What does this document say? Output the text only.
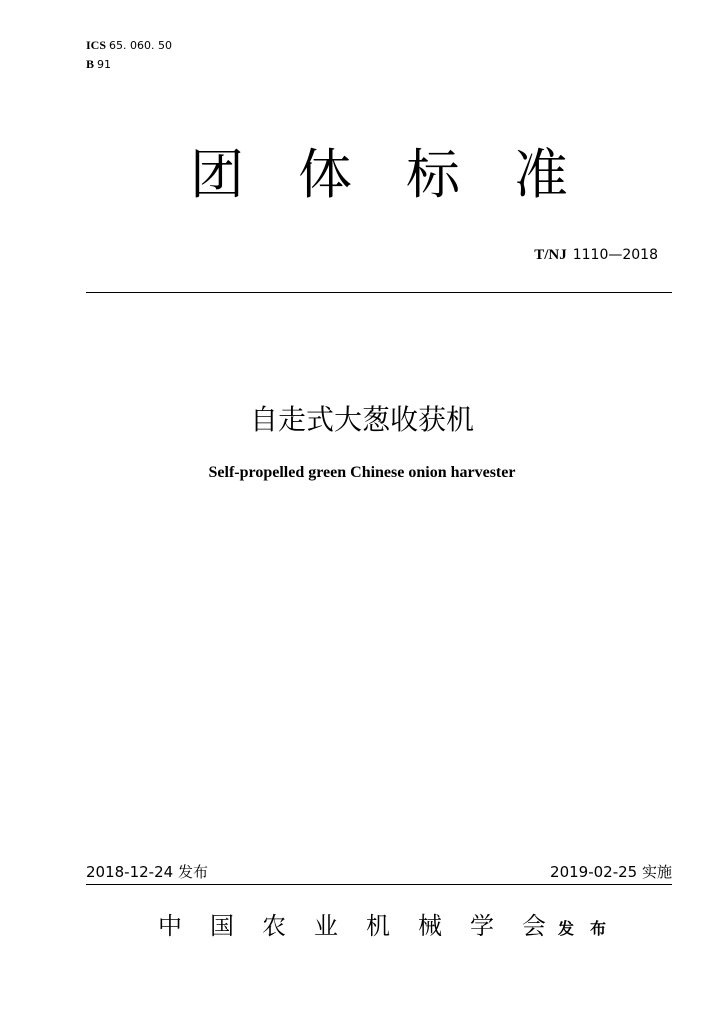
ICS 65. 060. 50
B 91
团 体 标 准
T/NJ 1110—2018
自走式大葱收获机
Self-propelled green Chinese onion harvester
2018-12-24 发布	2019-02-25 实施
中 国 农 业 机 械 学 会 发 布
